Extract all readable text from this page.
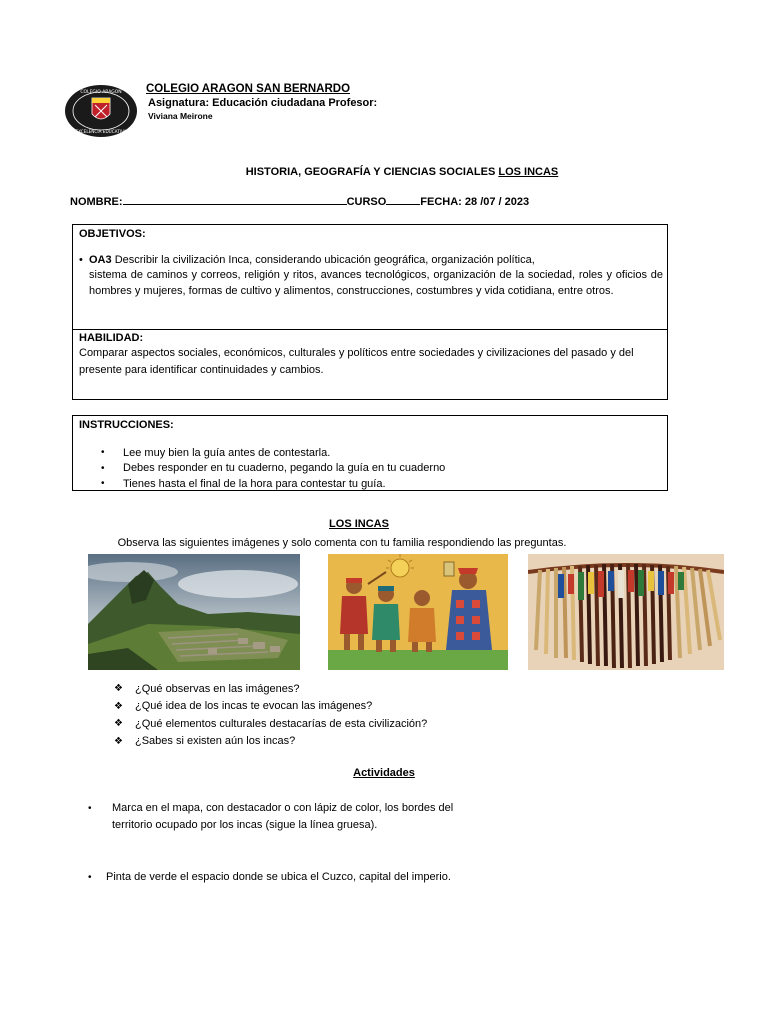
COLEGIO ARAGON
EXCELENCIA EDUCATIVA
COLEGIO ARAGON SAN BERNARDO
Asignatura: Educación ciudadana Profesor:
Viviana Meirone
HISTORIA, GEOGRAFÍA Y CIENCIAS SOCIALES LOS INCAS
NOMBRE:	CURSO	FECHA: 28 /07 / 2023
OBJETIVOS:
• OA3 Describir la civilización Inca, considerando ubicación geográfica, organización política,
sistema de caminos y correos, religión y ritos, avances tecnológicos, organización de la sociedad, roles y oficios de hombres y mujeres, formas de cultivo y alimentos, construcciones, costumbres y vida cotidiana, entre otros.
HABILIDAD:
Comparar aspectos sociales, económicos, culturales y políticos entre sociedades y civilizaciones del pasado y del presente para identificar continuidades y cambios.
INSTRUCCIONES:
•	Lee muy bien la guía antes de contestarla.
•	Debes responder en tu cuaderno, pegando la guía en tu cuaderno
•	Tienes hasta el final de la hora para contestar tu guía.
LOS INCAS
Observa las siguientes imágenes y solo comenta con tu familia respondiendo las preguntas.
❖	¿Qué observas en las imágenes?
❖	¿Qué idea de los incas te evocan las imágenes?
❖	¿Qué elementos culturales destacarías de esta civilización?
❖	¿Sabes si existen aún los incas?
Actividades
• Marca en el mapa, con destacador o con lápiz de color, los bordes del territorio ocupado por los incas (sigue la línea gruesa).
• Pinta de verde el espacio donde se ubica el Cuzco, capital del imperio.
